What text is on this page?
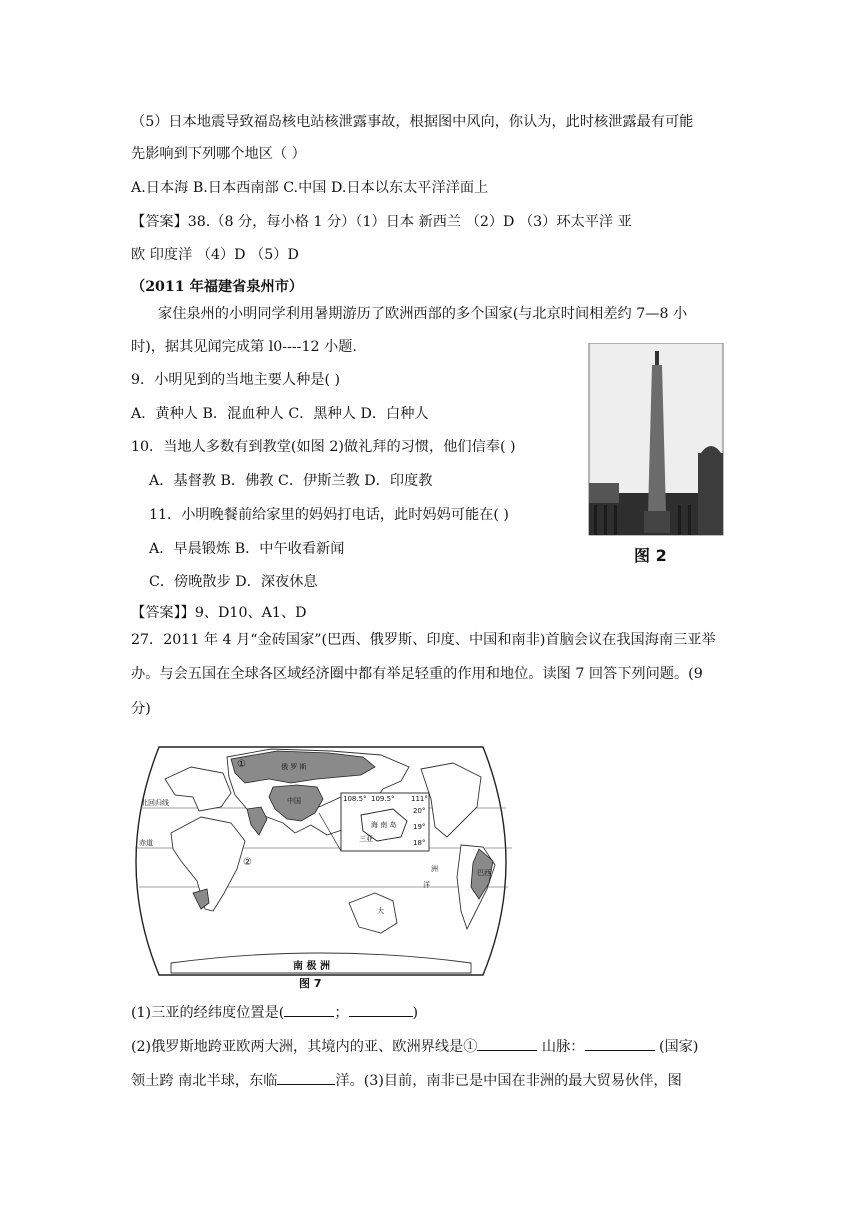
（5）日本地震导致福岛核电站核泄露事故，根据图中风向，你认为，此时核泄露最有可能
先影响到下列哪个地区（ ）
A.日本海 B.日本西南部 C.中国 D.日本以东太平洋洋面上
【答案】38.（8 分，每小格 1 分）（1）日本 新西兰 （2）D （3）环太平洋 亚
欧 印度洋 （4）D （5）D
（2011 年福建省泉州市）
家住泉州的小明同学利用暑期游历了欧洲西部的多个国家(与北京时间相差约 7—8 小
时)，据其见闻完成第 l0----12 小题.
9．小明见到的当地主要人种是( )
A．黄种人 B．混血种人 C．黑种人 D．白种人
10．当地人多数有到教堂(如图 2)做礼拜的习惯，他们信奉( )
A．基督教 B．佛教 C．伊斯兰教 D．印度教
11．小明晚餐前给家里的妈妈打电话，此时妈妈可能在( )
A．早晨锻炼 B．中午收看新闻
C．傍晚散步 D．深夜休息
【答案】】9、D10、A1、D
27．2011 年 4 月“金砖国家”(巴西、俄罗斯、印度、中国和南非)首脑会议在我国海南三亚举
办。与会五国在全球各区域经济圈中都有举足轻重的作用和地位。读图 7 回答下列问题。(9
分)
(1)三亚的经纬度位置是(	；	)
(2)俄罗斯地跨亚欧两大洲，其境内的亚、欧洲界线是①	山脉：	(国家)
领土跨 南北半球，东临	洋。(3)目前，南非已是中国在非洲的最大贸易伙伴，图
图 2
108.5° 109.5° 111°
20°
19°
18°
海 南 岛
三亚
北回归线
赤道
俄 罗 斯
中国
巴西
大
洋
洲
①
②
南 极 洲
图 7
